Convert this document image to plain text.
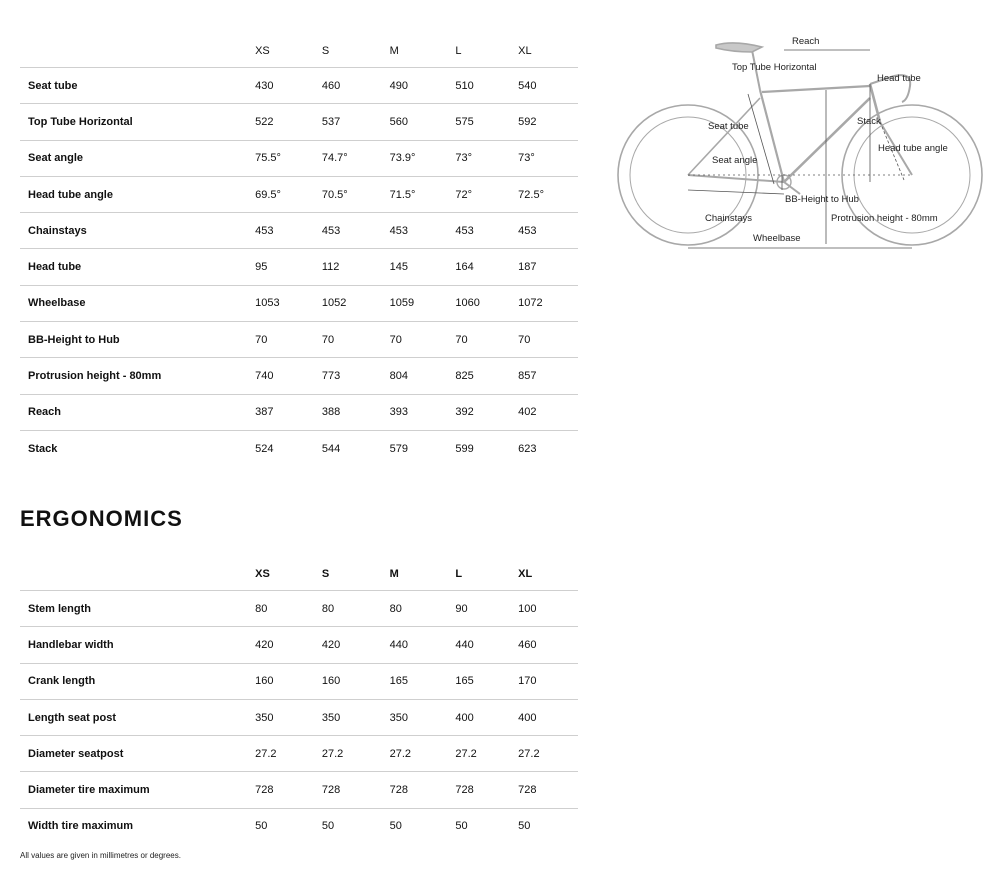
	XS	S	M	L	XL
Seat tube	430	460	490	510	540
Top Tube Horizontal	522	537	560	575	592
Seat angle	75.5°	74.7°	73.9°	73°	73°
Head tube angle	69.5°	70.5°	71.5°	72°	72.5°
Chainstays	453	453	453	453	453
Head tube	95	112	145	164	187
Wheelbase	1053	1052	1059	1060	1072
BB-Height to Hub	70	70	70	70	70
Protrusion height - 80mm	740	773	804	825	857
Reach	387	388	393	392	402
Stack	524	544	579	599	623
ERGONOMICS
	XS	S	M	L	XL
Stem length	80	80	80	90	100
Handlebar width	420	420	440	440	460
Crank length	160	160	165	165	170
Length seat post	350	350	350	400	400
Diameter seatpost	27.2	27.2	27.2	27.2	27.2
Diameter tire maximum	728	728	728	728	728
Width tire maximum	50	50	50	50	50
All values are given in millimetres or degrees.
Reach
Top Tube Horizontal
Head tube
Seat tube	Stack
Seat angle
Head tube angle
BB-Height to Hub
Chainstays	Protrusion height - 80mm
Wheelbase
